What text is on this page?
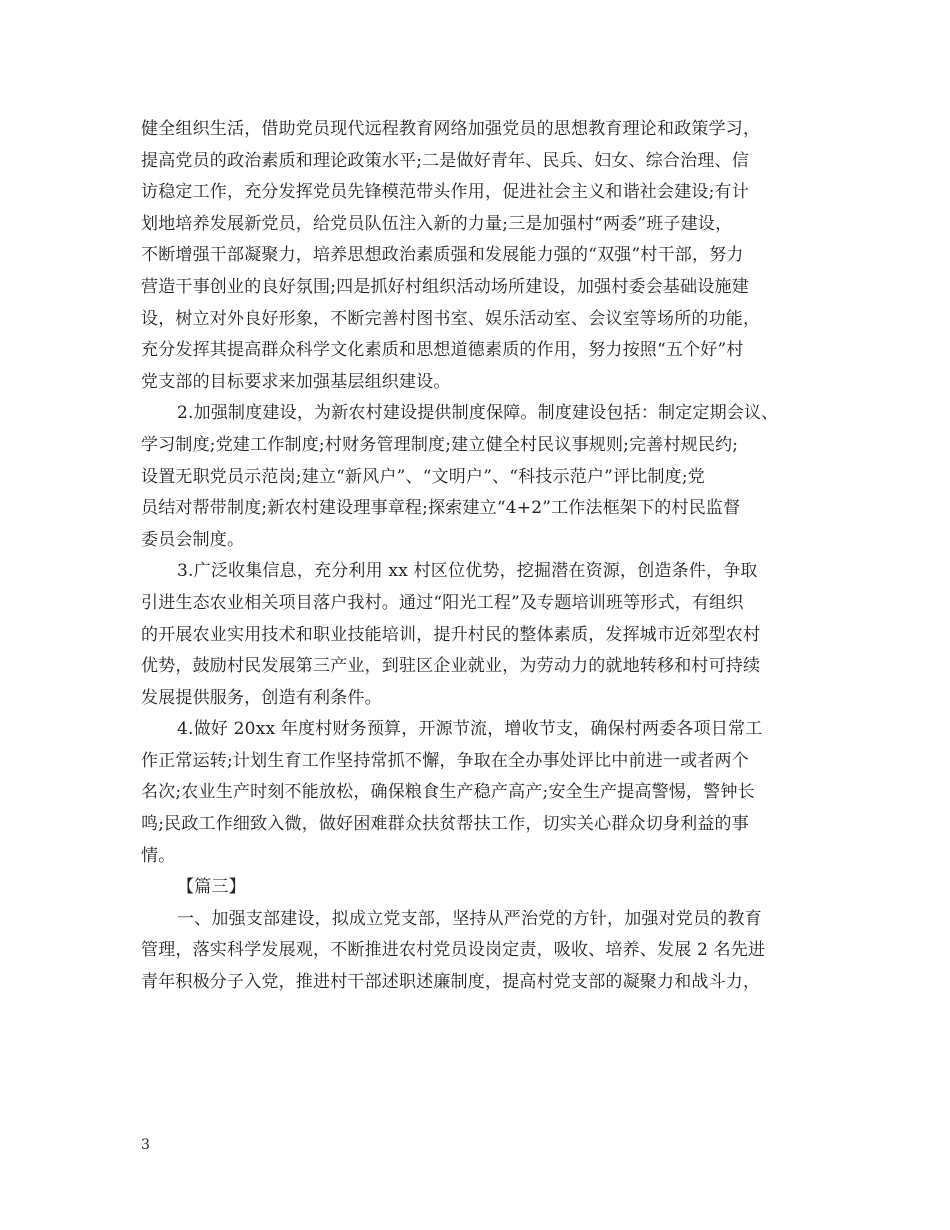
健全组织生活，借助党员现代远程教育网络加强党员的思想教育理论和政策学习，
提高党员的政治素质和理论政策水平;二是做好青年、民兵、妇女、综合治理、信
访稳定工作，充分发挥党员先锋模范带头作用，促进社会主义和谐社会建设;有计
划地培养发展新党员，给党员队伍注入新的力量;三是加强村“两委”班子建设，
不断增强干部凝聚力，培养思想政治素质强和发展能力强的“双强”村干部，努力
营造干事创业的良好氛围;四是抓好村组织活动场所建设，加强村委会基础设施建
设，树立对外良好形象，不断完善村图书室、娱乐活动室、会议室等场所的功能，
充分发挥其提高群众科学文化素质和思想道德素质的作用，努力按照“五个好”村
党支部的目标要求来加强基层组织建设。
2.加强制度建设，为新农村建设提供制度保障。制度建设包括：制定定期会议、
学习制度;党建工作制度;村财务管理制度;建立健全村民议事规则;完善村规民约;
设置无职党员示范岗;建立“新风户”、“文明户”、“科技示范户”评比制度;党
员结对帮带制度;新农村建设理事章程;探索建立“4+2”工作法框架下的村民监督
委员会制度。
3.广泛收集信息，充分利用 xx 村区位优势，挖掘潜在资源，创造条件，争取
引进生态农业相关项目落户我村。通过“阳光工程”及专题培训班等形式，有组织
的开展农业实用技术和职业技能培训，提升村民的整体素质，发挥城市近郊型农村
优势，鼓励村民发展第三产业，到驻区企业就业，为劳动力的就地转移和村可持续
发展提供服务，创造有利条件。
4.做好 20xx 年度村财务预算，开源节流，增收节支，确保村两委各项日常工
作正常运转;计划生育工作坚持常抓不懈，争取在全办事处评比中前进一或者两个
名次;农业生产时刻不能放松，确保粮食生产稳产高产;安全生产提高警惕，警钟长
鸣;民政工作细致入微，做好困难群众扶贫帮扶工作，切实关心群众切身利益的事
情。
【篇三】
一、加强支部建设，拟成立党支部，坚持从严治党的方针，加强对党员的教育
管理，落实科学发展观，不断推进农村党员设岗定责，吸收、培养、发展 2 名先进
青年积极分子入党，推进村干部述职述廉制度，提高村党支部的凝聚力和战斗力，
3
